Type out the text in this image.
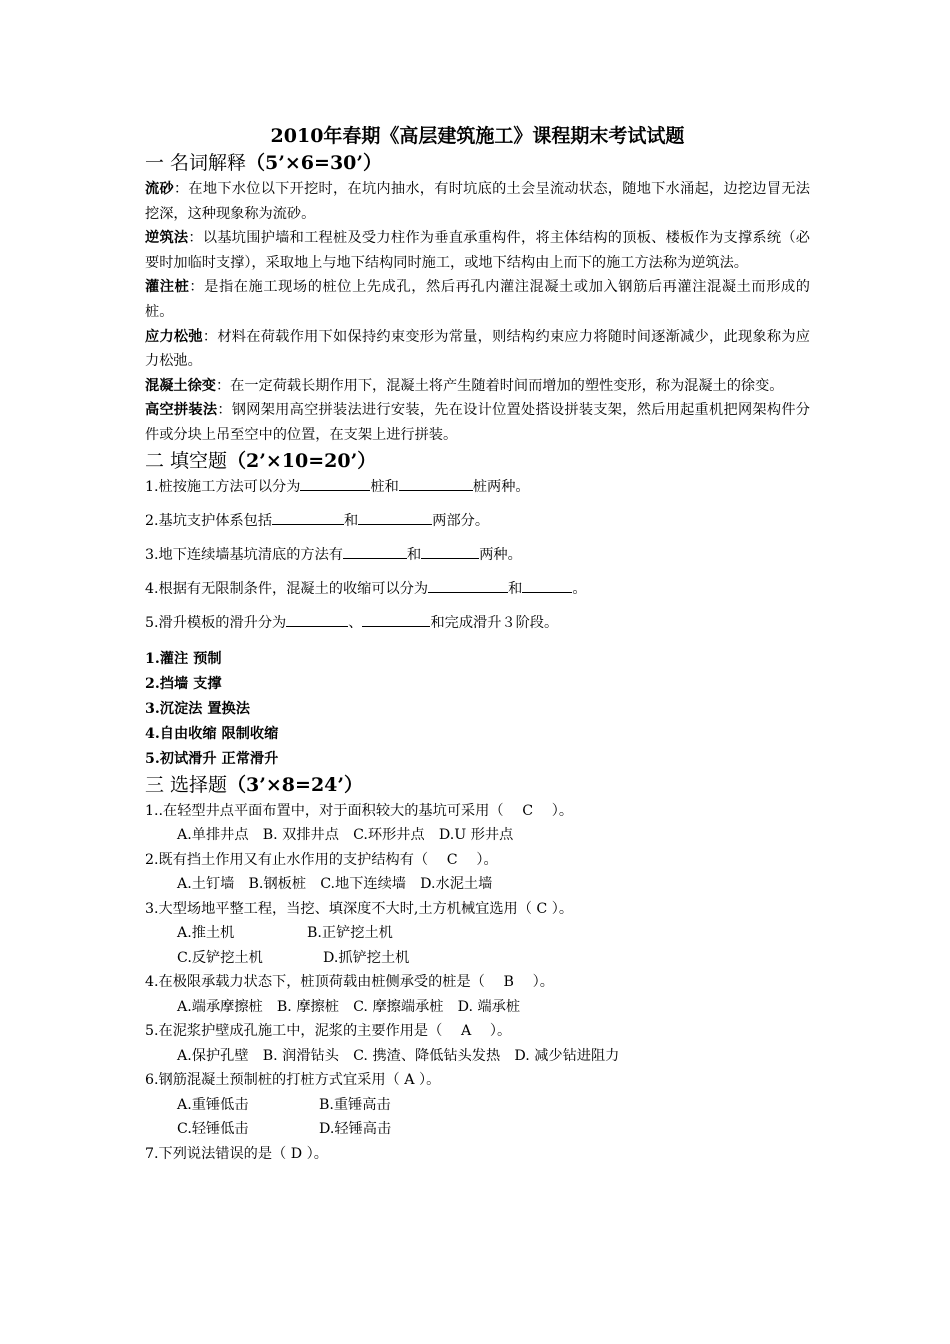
2010年春期《高层建筑施工》课程期末考试试题

一 名词解释（5’×6=30’）

流砂：在地下水位以下开挖时，在坑内抽水，有时坑底的土会呈流动状态，随地下水涌起，边挖边冒无法挖深，这种现象称为流砂。

逆筑法：以基坑围护墙和工程桩及受力柱作为垂直承重构件，将主体结构的顶板、楼板作为支撑系统（必要时加临时支撑），采取地上与地下结构同时施工，或地下结构由上而下的施工方法称为逆筑法。

灌注桩：是指在施工现场的桩位上先成孔，然后再孔内灌注混凝土或加入钢筋后再灌注混凝土而形成的桩。

应力松弛：材料在荷载作用下如保持约束变形为常量，则结构约束应力将随时间逐渐减少，此现象称为应力松弛。

混凝土徐变：在一定荷载长期作用下，混凝土将产生随着时间而增加的塑性变形，称为混凝土的徐变。

高空拼装法：钢网架用高空拼装法进行安装，先在设计位置处搭设拼装支架，然后用起重机把网架构件分件或分块上吊至空中的位置，在支架上进行拼装。

二 填空题（2’×10=20’）

1.桩按施工方法可以分为	桩和	桩两种。

2.基坑支护体系包括	和	两部分。

3.地下连续墙基坑清底的方法有	和	两种。

4.根据有无限制条件，混凝土的收缩可以分为	和	。

5.滑升模板的滑升分为	、	和完成滑升３阶段。

1.灌注 预制

2.挡墙 支撑

3.沉淀法 置换法

4.自由收缩 限制收缩

5.初试滑升 正常滑升

三 选择题（3’×8=24’）

1..在轻型井点平面布置中，对于面积较大的基坑可采用（　 C　 ）。

A.单排井点　B. 双排井点　C.环形井点　D.U 形井点

2.既有挡土作用又有止水作用的支护结构有（　 C　 ）。

A.土钉墙　B.钢板桩　C.地下连续墙　D.水泥土墙

3.大型场地平整工程，当挖、填深度不大时,土方机械宜选用（ C ）。

A.推土机	B.正铲挖土机

C.反铲挖土机	D.抓铲挖土机

4.在极限承载力状态下，桩顶荷载由桩侧承受的桩是（　 B　 ）。

A.端承摩擦桩　B. 摩擦桩　C. 摩擦端承桩　D. 端承桩

5.在泥浆护壁成孔施工中，泥浆的主要作用是（　 A　 ）。

A.保护孔壁　B. 润滑钻头　C. 携渣、降低钻头发热　D. 减少钻进阻力

6.钢筋混凝土预制桩的打桩方式宜采用（ A ）。

A.重锤低击	B.重锤高击

C.轻锤低击	D.轻锤高击

7.下列说法错误的是（ D ）。
